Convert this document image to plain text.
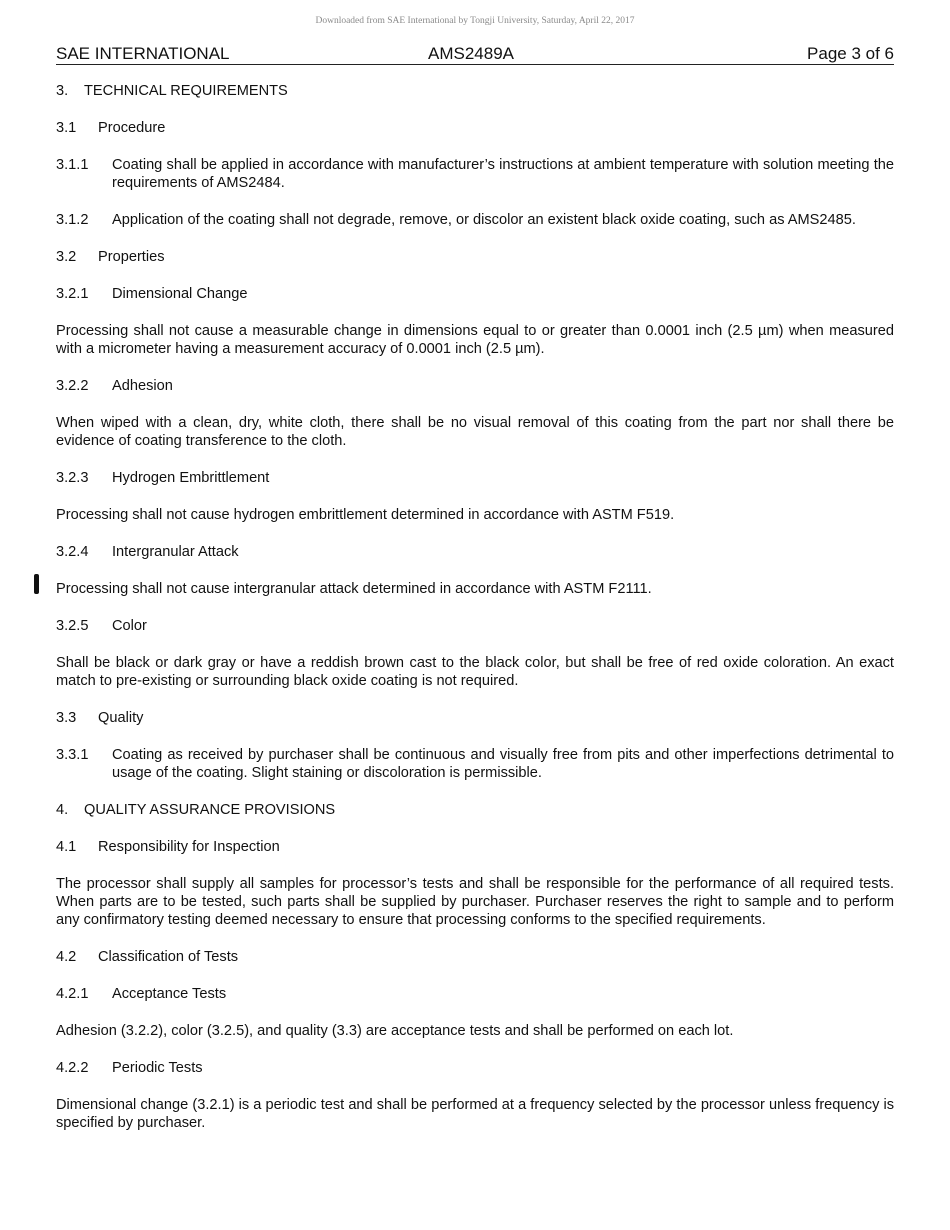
Downloaded from SAE International by Tongji University, Saturday, April 22, 2017
SAE INTERNATIONAL	AMS2489A	Page 3 of 6
3. TECHNICAL REQUIREMENTS
3.1 Procedure
3.1.1	Coating shall be applied in accordance with manufacturer’s instructions at ambient temperature with solution meeting the requirements of AMS2484.
3.1.2	Application of the coating shall not degrade, remove, or discolor an existent black oxide coating, such as AMS2485.
3.2 Properties
3.2.1 Dimensional Change
Processing shall not cause a measurable change in dimensions equal to or greater than 0.0001 inch (2.5 µm) when measured with a micrometer having a measurement accuracy of 0.0001 inch (2.5 µm).
3.2.2 Adhesion
When wiped with a clean, dry, white cloth, there shall be no visual removal of this coating from the part nor shall there be evidence of coating transference to the cloth.
3.2.3 Hydrogen Embrittlement
Processing shall not cause hydrogen embrittlement determined in accordance with ASTM F519.
3.2.4 Intergranular Attack
Processing shall not cause intergranular attack determined in accordance with ASTM F2111.
3.2.5 Color
Shall be black or dark gray or have a reddish brown cast to the black color, but shall be free of red oxide coloration. An exact match to pre-existing or surrounding black oxide coating is not required.
3.3 Quality
3.3.1	Coating as received by purchaser shall be continuous and visually free from pits and other imperfections detrimental to usage of the coating. Slight staining or discoloration is permissible.
4. QUALITY ASSURANCE PROVISIONS
4.1 Responsibility for Inspection
The processor shall supply all samples for processor’s tests and shall be responsible for the performance of all required tests. When parts are to be tested, such parts shall be supplied by purchaser. Purchaser reserves the right to sample and to perform any confirmatory testing deemed necessary to ensure that processing conforms to the specified requirements.
4.2 Classification of Tests
4.2.1 Acceptance Tests
Adhesion (3.2.2), color (3.2.5), and quality (3.3) are acceptance tests and shall be performed on each lot.
4.2.2 Periodic Tests
Dimensional change (3.2.1) is a periodic test and shall be performed at a frequency selected by the processor unless frequency is specified by purchaser.
